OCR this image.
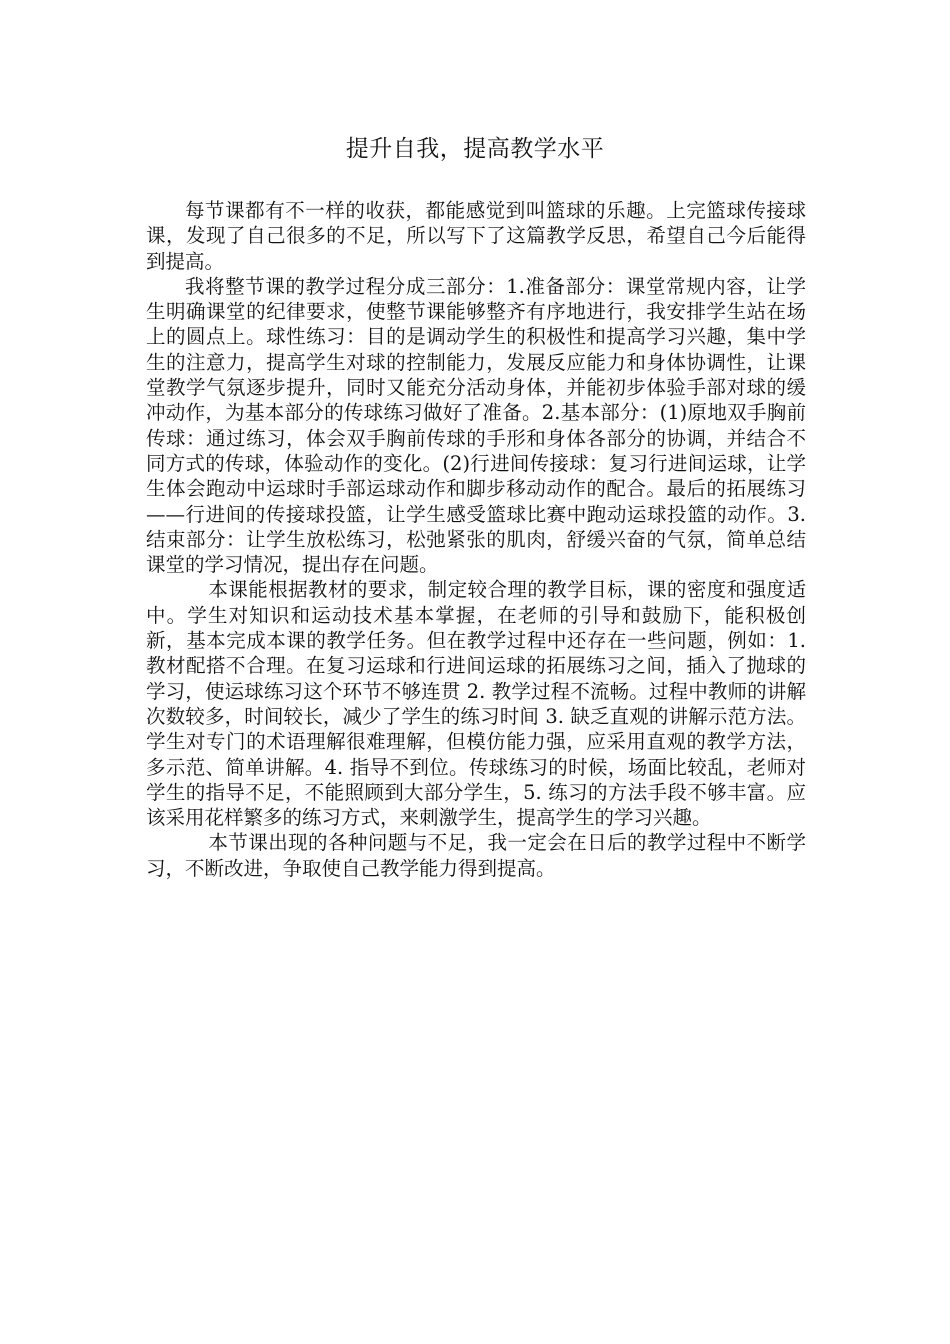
提升自我，提高教学水平

每节课都有不一样的收获，都能感觉到叫篮球的乐趣。上完篮球传接球课，发现了自己很多的不足，所以写下了这篇教学反思，希望自己今后能得到提高。

我将整节课的教学过程分成三部分：1.准备部分：课堂常规内容，让学生明确课堂的纪律要求，使整节课能够整齐有序地进行，我安排学生站在场上的圆点上。球性练习：目的是调动学生的积极性和提高学习兴趣，集中学生的注意力，提高学生对球的控制能力，发展反应能力和身体协调性，让课堂教学气氛逐步提升，同时又能充分活动身体，并能初步体验手部对球的缓冲动作，为基本部分的传球练习做好了准备。2.基本部分：(1)原地双手胸前传球：通过练习，体会双手胸前传球的手形和身体各部分的协调，并结合不同方式的传球，体验动作的变化。(2)行进间传接球：复习行进间运球，让学生体会跑动中运球时手部运球动作和脚步移动动作的配合。最后的拓展练习——行进间的传接球投篮，让学生感受篮球比赛中跑动运球投篮的动作。3.结束部分：让学生放松练习，松弛紧张的肌肉，舒缓兴奋的气氛，简单总结课堂的学习情况，提出存在问题。

本课能根据教材的要求，制定较合理的教学目标，课的密度和强度适中。学生对知识和运动技术基本掌握，在老师的引导和鼓励下，能积极创新，基本完成本课的教学任务。但在教学过程中还存在一些问题，例如：1. 教材配搭不合理。在复习运球和行进间运球的拓展练习之间，插入了抛球的学习，使运球练习这个环节不够连贯 2. 教学过程不流畅。过程中教师的讲解次数较多，时间较长，减少了学生的练习时间 3. 缺乏直观的讲解示范方法。学生对专门的术语理解很难理解，但模仿能力强，应采用直观的教学方法，多示范、简单讲解。4. 指导不到位。传球练习的时候，场面比较乱，老师对学生的指导不足，不能照顾到大部分学生，5. 练习的方法手段不够丰富。应该采用花样繁多的练习方式，来刺激学生，提高学生的学习兴趣。

本节课出现的各种问题与不足，我一定会在日后的教学过程中不断学习，不断改进，争取使自己教学能力得到提高。
